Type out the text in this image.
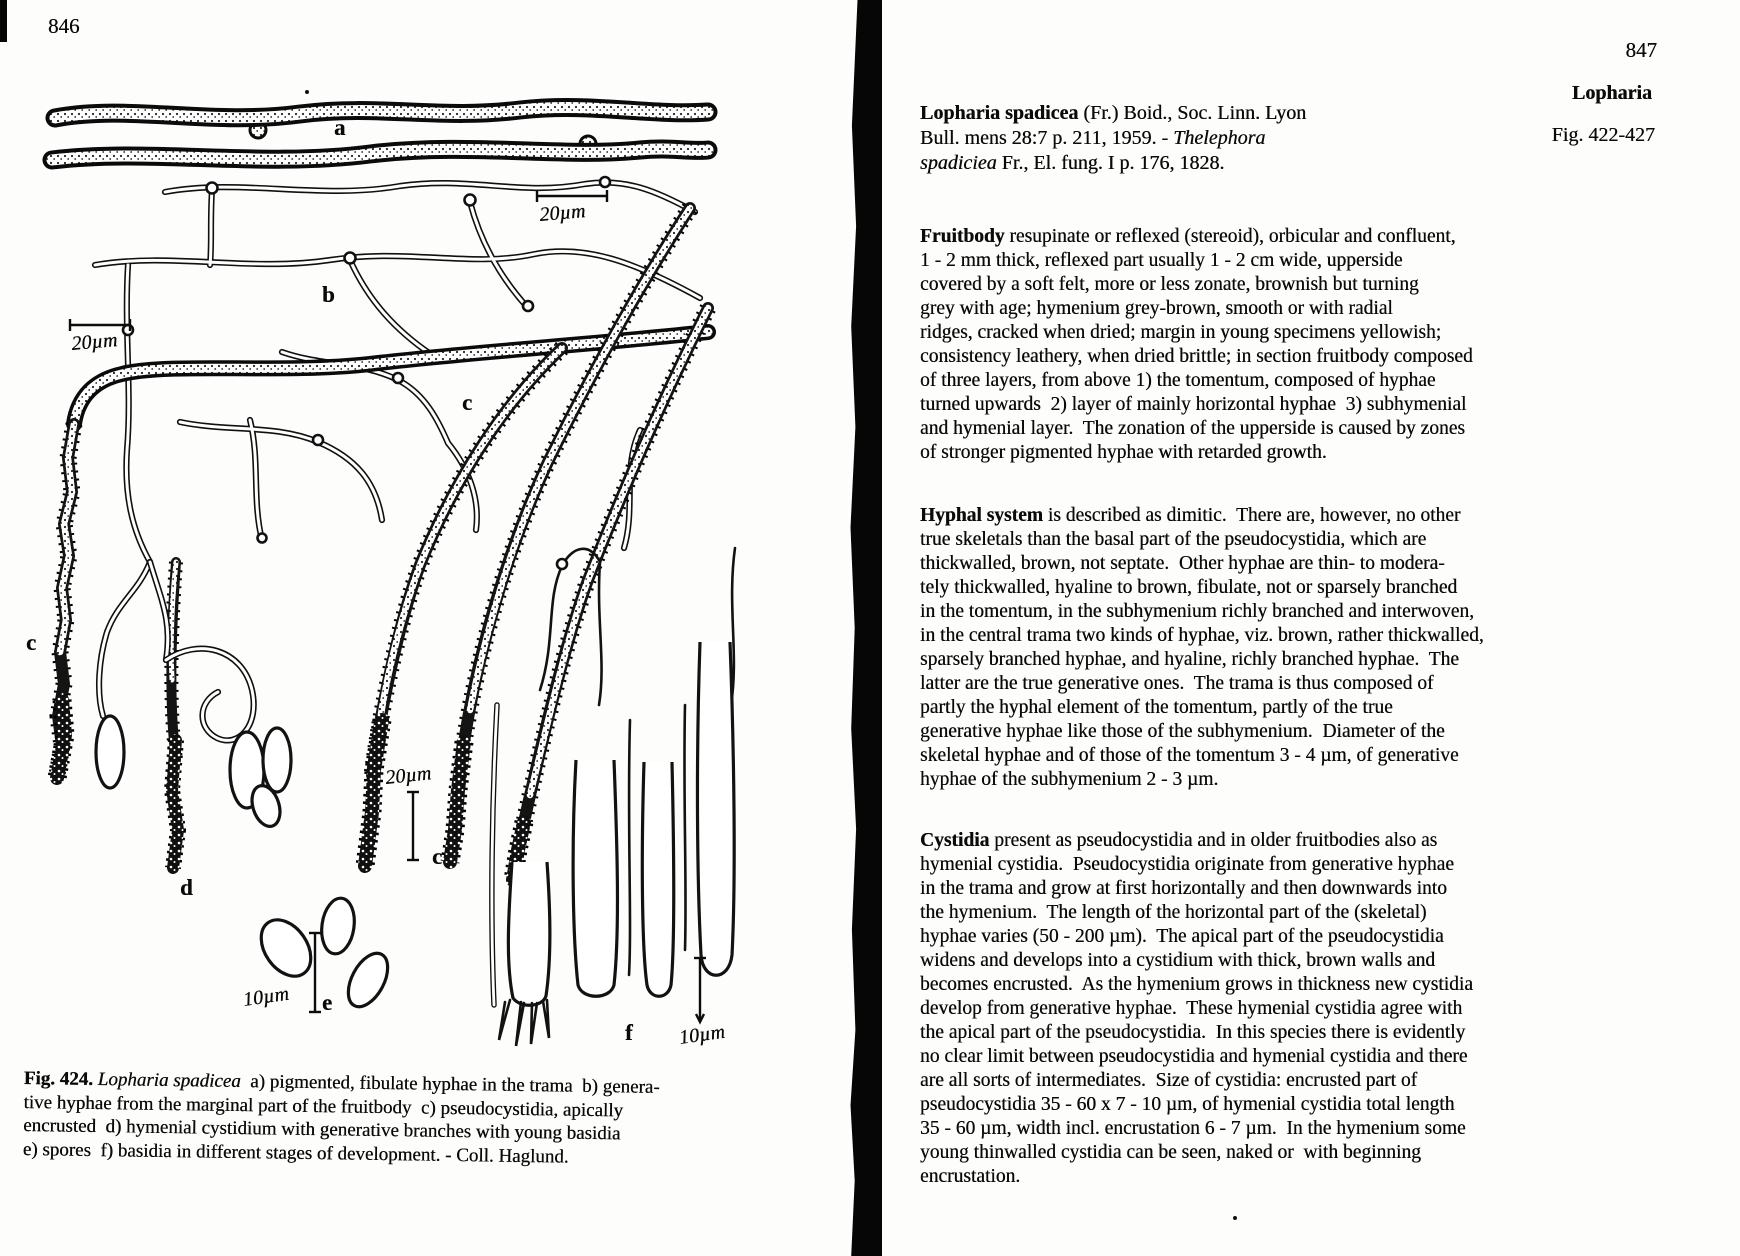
846
a
b
c
c
c
d
e
f
20µm
20µm
20µm
10µm
10µm
Fig. 424. Lopharia spadicea  a) pigmented, fibulate hyphae in the trama  b) genera-
tive hyphae from the marginal part of the fruitbody  c) pseudocystidia, apically
encrusted  d) hymenial cystidium with generative branches with young basidia
e) spores  f) basidia in different stages of development. - Coll. Haglund.
847
Lopharia
Lopharia spadicea (Fr.) Boid., Soc. Linn. Lyon
Bull. mens 28:7 p. 211, 1959. - Thelephora
spadiciea Fr., El. fung. I p. 176, 1828.
Fig. 422-427
Fruitbody resupinate or reflexed (stereoid), orbicular and confluent,
1 - 2 mm thick, reflexed part usually 1 - 2 cm wide, upperside
covered by a soft felt, more or less zonate, brownish but turning
grey with age; hymenium grey-brown, smooth or with radial
ridges, cracked when dried; margin in young specimens yellowish;
consistency leathery, when dried brittle; in section fruitbody composed
of three layers, from above 1) the tomentum, composed of hyphae
turned upwards  2) layer of mainly horizontal hyphae  3) subhymenial
and hymenial layer.  The zonation of the upperside is caused by zones
of stronger pigmented hyphae with retarded growth.
Hyphal system is described as dimitic.  There are, however, no other
true skeletals than the basal part of the pseudocystidia, which are
thickwalled, brown, not septate.  Other hyphae are thin- to modera-
tely thickwalled, hyaline to brown, fibulate, not or sparsely branched
in the tomentum, in the subhymenium richly branched and interwoven,
in the central trama two kinds of hyphae, viz. brown, rather thickwalled,
sparsely branched hyphae, and hyaline, richly branched hyphae.  The
latter are the true generative ones.  The trama is thus composed of
partly the hyphal element of the tomentum, partly of the true
generative hyphae like those of the subhymenium.  Diameter of the
skeletal hyphae and of those of the tomentum 3 - 4 µm, of generative
hyphae of the subhymenium 2 - 3 µm.
Cystidia present as pseudocystidia and in older fruitbodies also as
hymenial cystidia.  Pseudocystidia originate from generative hyphae
in the trama and grow at first horizontally and then downwards into
the hymenium.  The length of the horizontal part of the (skeletal)
hyphae varies (50 - 200 µm).  The apical part of the pseudocystidia
widens and develops into a cystidium with thick, brown walls and
becomes encrusted.  As the hymenium grows in thickness new cystidia
develop from generative hyphae.  These hymenial cystidia agree with
the apical part of the pseudocystidia.  In this species there is evidently
no clear limit between pseudocystidia and hymenial cystidia and there
are all sorts of intermediates.  Size of cystidia: encrusted part of
pseudocystidia 35 - 60 x 7 - 10 µm, of hymenial cystidia total length
35 - 60 µm, width incl. encrustation 6 - 7 µm.  In the hymenium some
young thinwalled cystidia can be seen, naked or  with beginning
encrustation.
